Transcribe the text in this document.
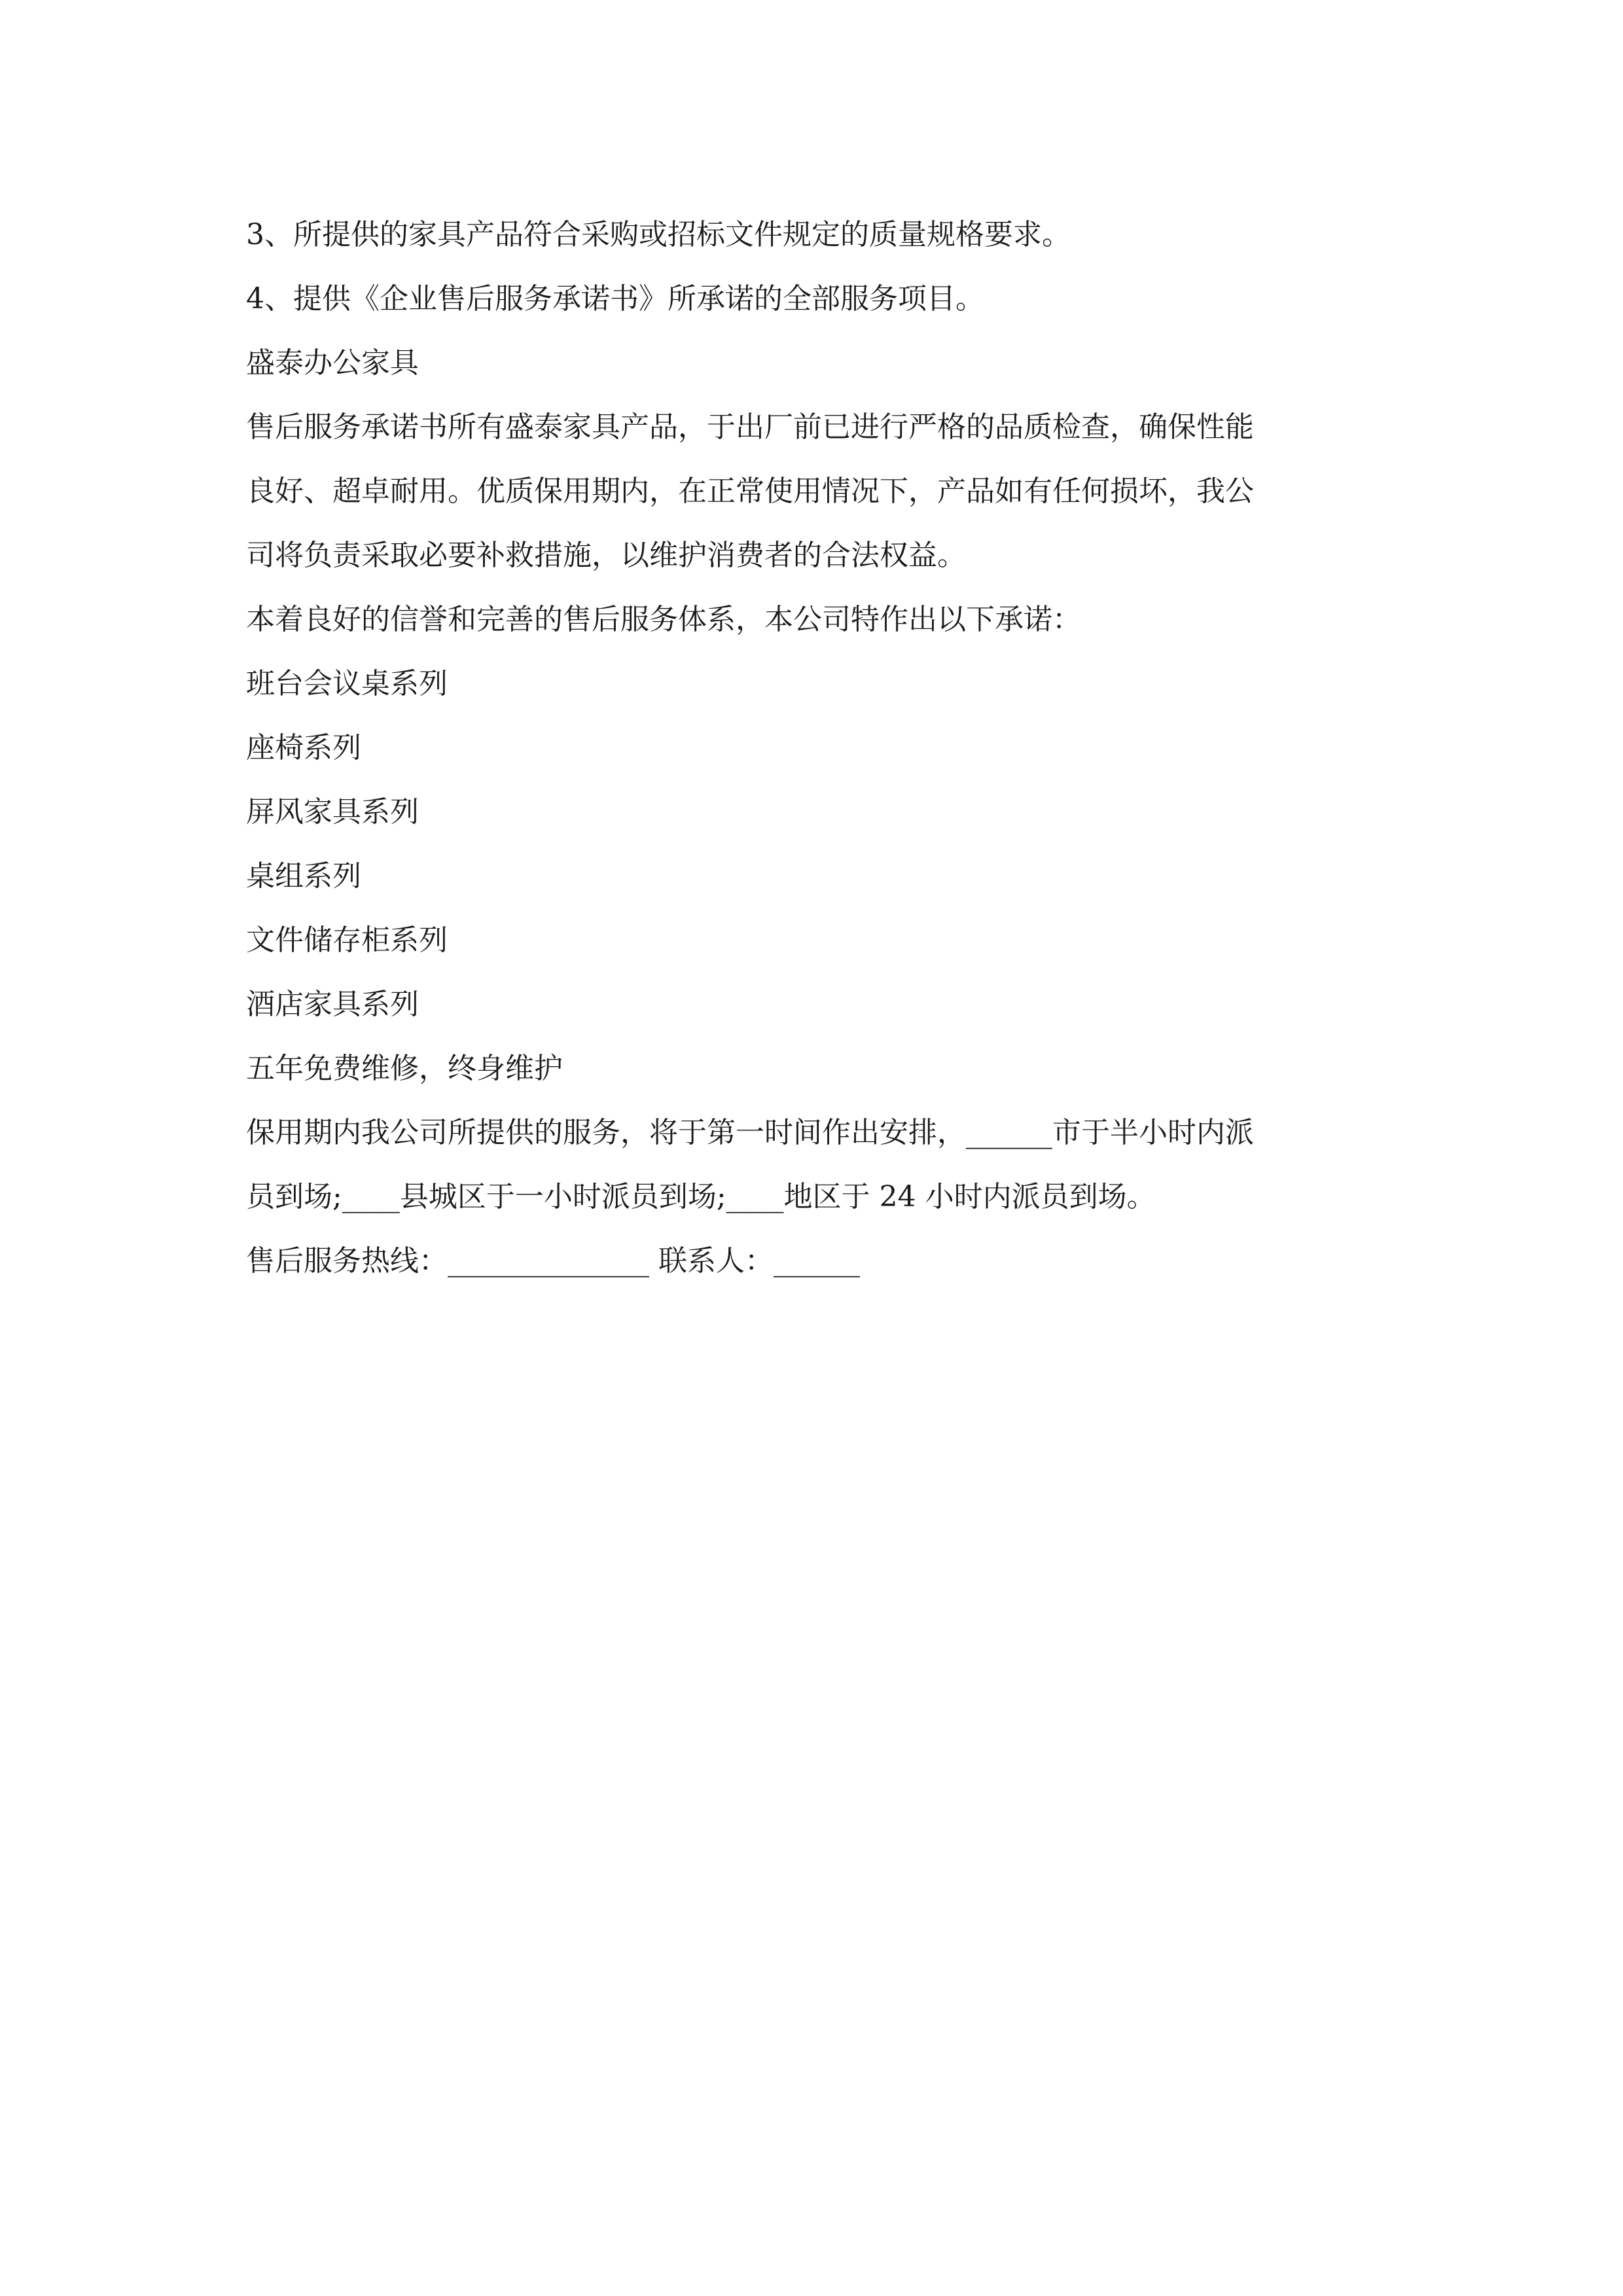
3、所提供的家具产品符合采购或招标文件规定的质量规格要求。
4、提供《企业售后服务承诺书》所承诺的全部服务项目。
盛泰办公家具
售后服务承诺书所有盛泰家具产品，于出厂前已进行严格的品质检查，确保性能
良好、超卓耐用。优质保用期内，在正常使用情况下，产品如有任何损坏，我公
司将负责采取必要补救措施，以维护消费者的合法权益。
本着良好的信誉和完善的售后服务体系，本公司特作出以下承诺：
班台会议桌系列
座椅系列
屏风家具系列
桌组系列
文件储存柜系列
酒店家具系列
五年免费维修，终身维护
保用期内我公司所提供的服务，将于第一时间作出安排，______市于半小时内派
员到场;____县城区于一小时派员到场;____地区于 24 小时内派员到场。
售后服务热线：______________ 联系人：______
